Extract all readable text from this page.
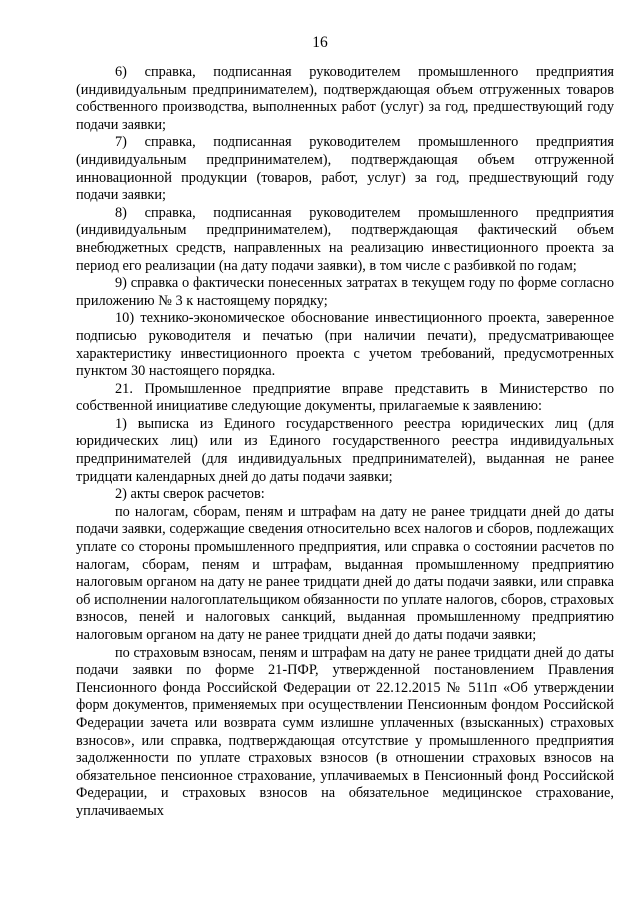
16

6) справка, подписанная руководителем промышленного предприятия (индивидуальным предпринимателем), подтверждающая объем отгруженных товаров собственного производства, выполненных работ (услуг) за год, предшествующий году подачи заявки;

7) справка, подписанная руководителем промышленного предприятия (индивидуальным предпринимателем), подтверждающая объем отгруженной инновационной продукции (товаров, работ, услуг) за год, предшествующий году подачи заявки;

8) справка, подписанная руководителем промышленного предприятия (индивидуальным предпринимателем), подтверждающая фактический объем внебюджетных средств, направленных на реализацию инвестиционного проекта за период его реализации (на дату подачи заявки), в том числе с разбивкой по годам;

9) справка о фактически понесенных затратах в текущем году по форме согласно приложению № 3 к настоящему порядку;

10) технико-экономическое обоснование инвестиционного проекта, заверенное подписью руководителя и печатью (при наличии печати), предусматривающее характеристику инвестиционного проекта с учетом требований, предусмотренных пунктом 30 настоящего порядка.

21. Промышленное предприятие вправе представить в Министерство по собственной инициативе следующие документы, прилагаемые к заявлению:

1) выписка из Единого государственного реестра юридических лиц (для юридических лиц) или из Единого государственного реестра индивидуальных предпринимателей (для индивидуальных предпринимателей), выданная не ранее тридцати календарных дней до даты подачи заявки;

2) акты сверок расчетов:

по налогам, сборам, пеням и штрафам на дату не ранее тридцати дней до даты подачи заявки, содержащие сведения относительно всех налогов и сборов, подлежащих уплате со стороны промышленного предприятия, или справка о состоянии расчетов по налогам, сборам, пеням и штрафам, выданная промышленному предприятию налоговым органом на дату не ранее тридцати дней до даты подачи заявки, или справка об исполнении налогоплательщиком обязанности по уплате налогов, сборов, страховых взносов, пеней и налоговых санкций, выданная промышленному предприятию налоговым органом на дату не ранее тридцати дней до даты подачи заявки;

по страховым взносам, пеням и штрафам на дату не ранее тридцати дней до даты подачи заявки по форме 21-ПФР, утвержденной постановлением Правления Пенсионного фонда Российской Федерации от 22.12.2015 № 511п «Об утверждении форм документов, применяемых при осуществлении Пенсионным фондом Российской Федерации зачета или возврата сумм излишне уплаченных (взысканных) страховых взносов», или справка, подтверждающая отсутствие у промышленного предприятия задолженности по уплате страховых взносов (в отношении страховых взносов на обязательное пенсионное страхование, уплачиваемых в Пенсионный фонд Российской Федерации, и страховых взносов на обязательное медицинское страхование, уплачиваемых
